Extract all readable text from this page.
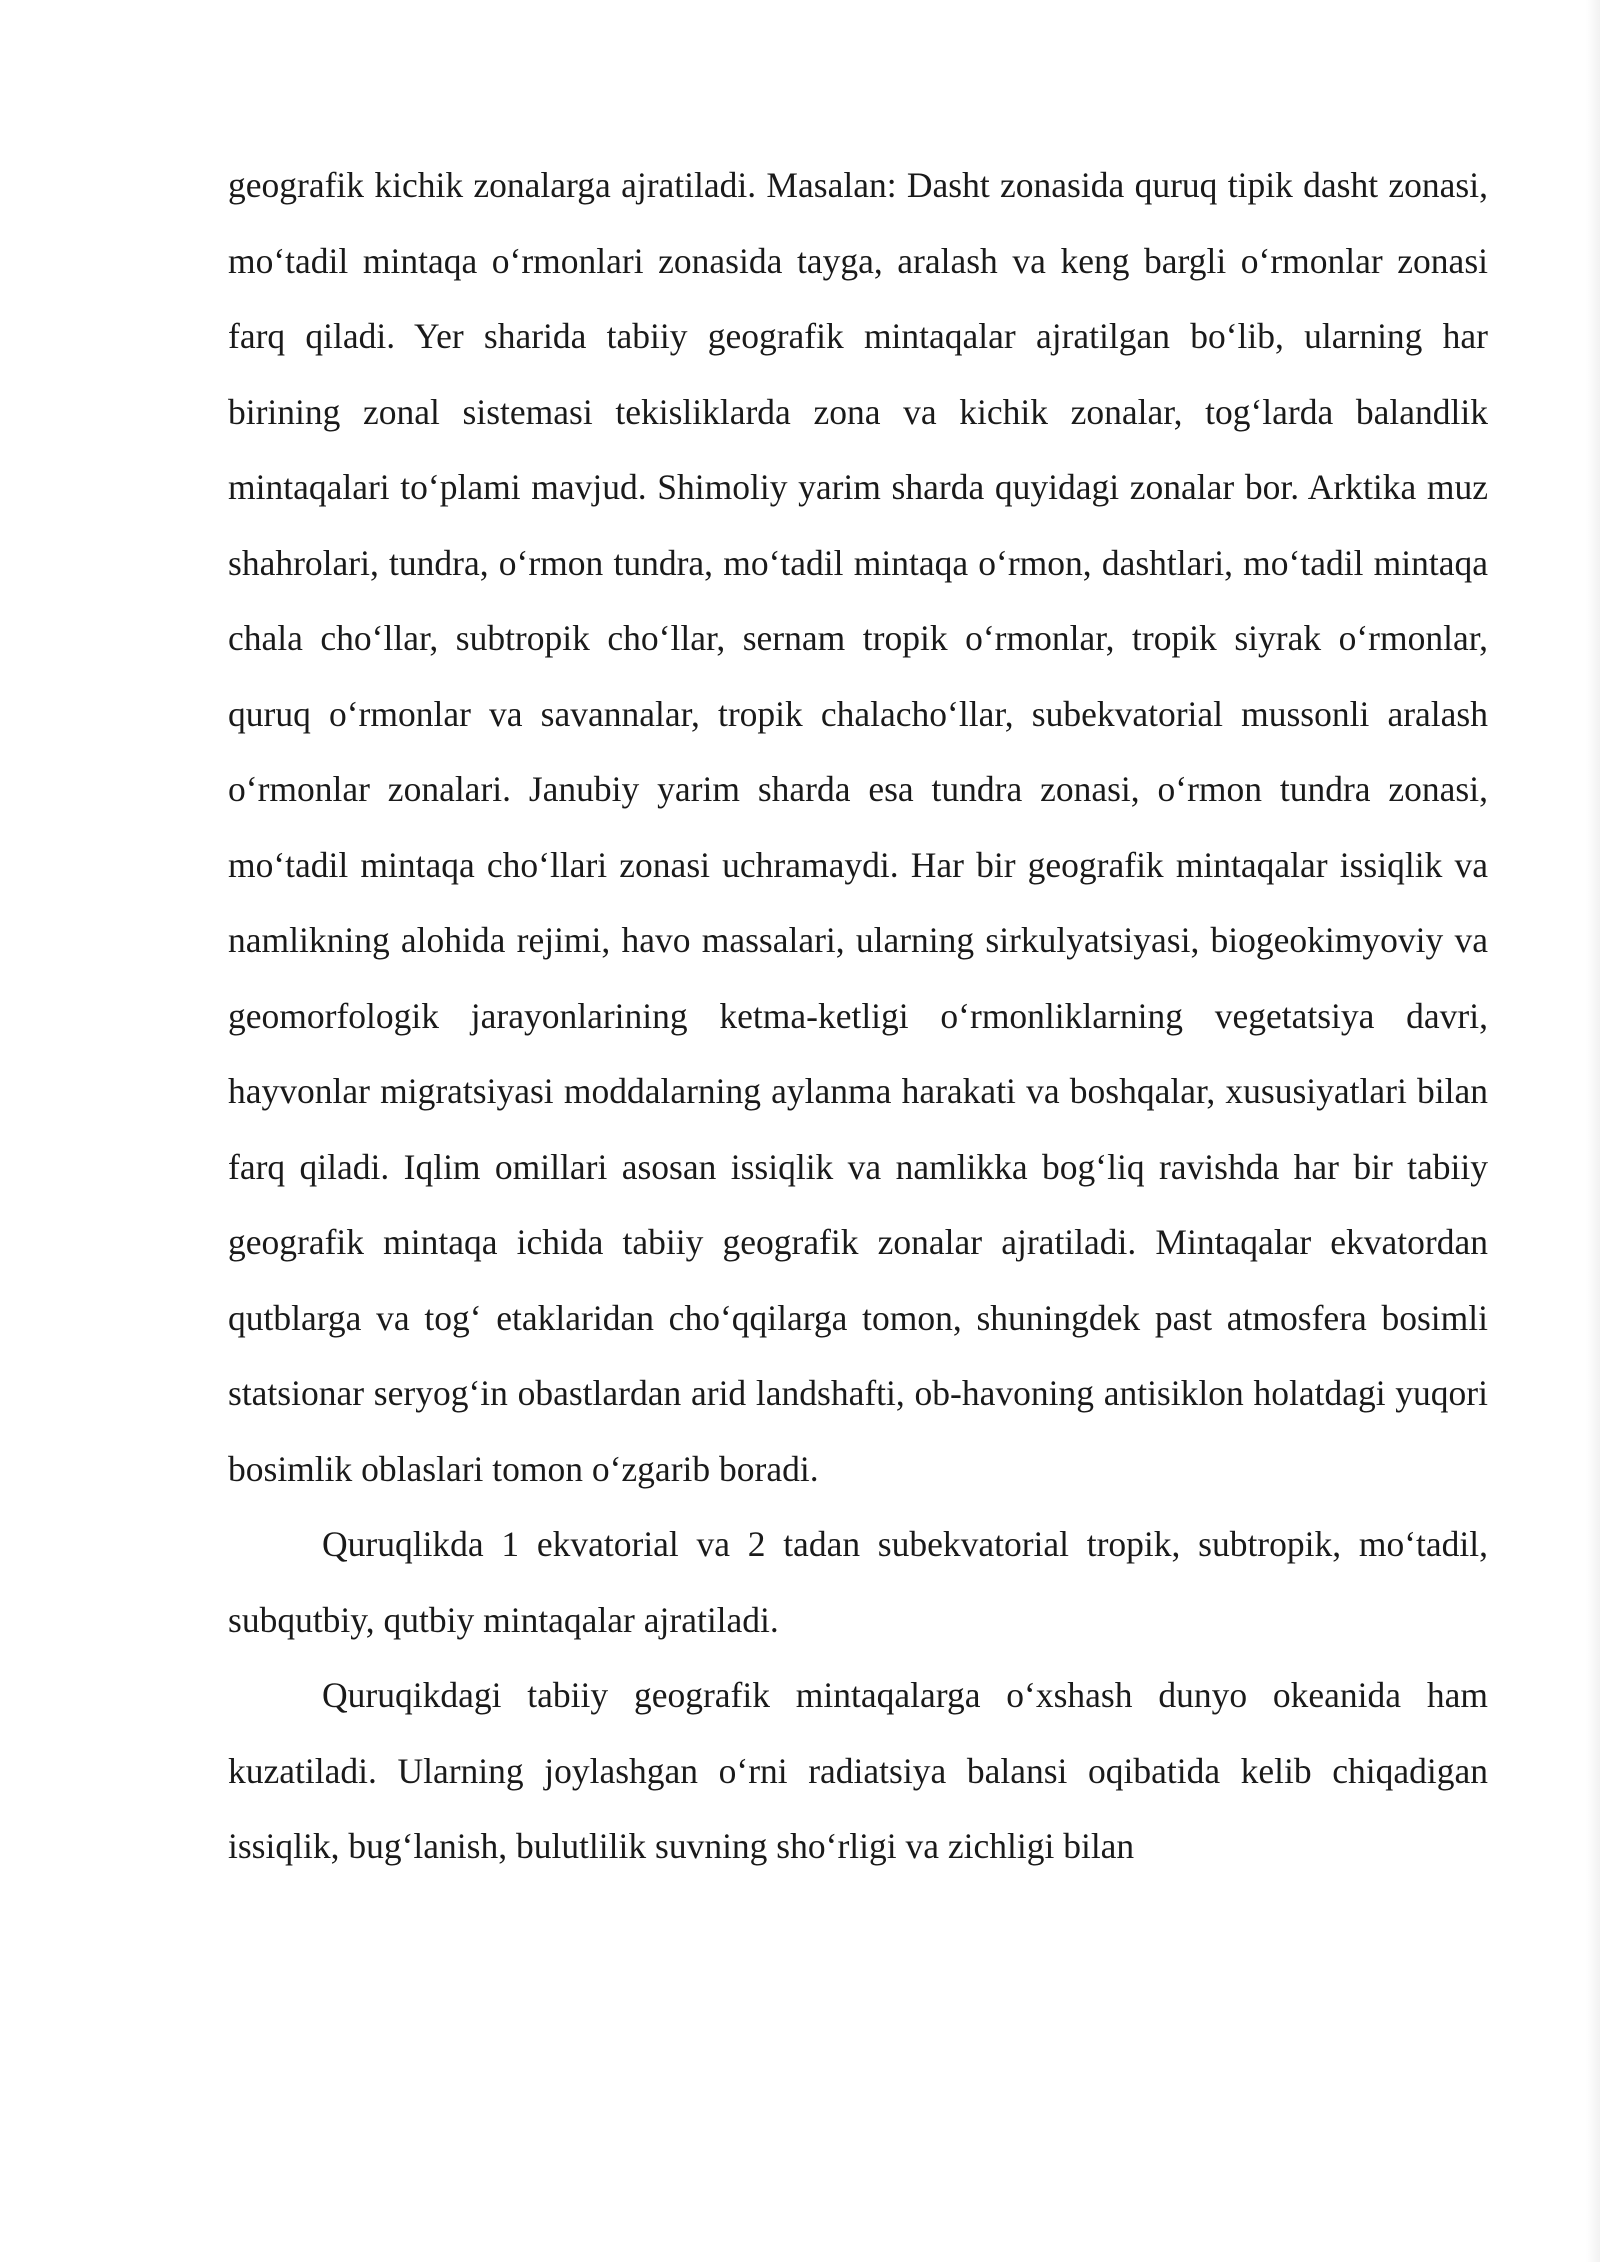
geografik kichik zonalarga ajratiladi. Masalan: Dasht zonasida quruq tipik dasht zonasi, mo‘tadil mintaqa o‘rmonlari zonasida tayga, aralash va keng bargli o‘rmonlar zonasi farq qiladi. Yer sharida tabiiy geografik mintaqalar ajratilgan bo‘lib, ularning har birining zonal sistemasi tekisliklarda zona va kichik zonalar, tog‘larda balandlik mintaqalari to‘plami mavjud. Shimoliy yarim sharda quyidagi zonalar bor. Arktika muz shahrolari, tundra, o‘rmon tundra, mo‘tadil mintaqa o‘rmon, dashtlari, mo‘tadil mintaqa chala cho‘llar, subtropik cho‘llar, sernam tropik o‘rmonlar, tropik siyrak o‘rmonlar, quruq o‘rmonlar va savannalar, tropik chalacho‘llar, subekvatorial mussonli aralash o‘rmonlar zonalari. Janubiy yarim sharda esa tundra zonasi, o‘rmon tundra zonasi, mo‘tadil mintaqa cho‘llari zonasi uchramaydi. Har bir geografik mintaqalar issiqlik va namlikning alohida rejimi, havo massalari, ularning sirkulyatsiyasi, biogeokimyoviy va geomorfologik jarayonlarining ketma-ketligi o‘rmonliklarning vegetatsiya davri, hayvonlar migratsiyasi moddalarning aylanma harakati va boshqalar, xususiyatlari bilan farq qiladi. Iqlim omillari asosan issiqlik va namlikka bog‘liq ravishda har bir tabiiy geografik mintaqa ichida tabiiy geografik zonalar ajratiladi. Mintaqalar ekvatordan qutblarga va tog‘ etaklaridan cho‘qqilarga tomon, shuningdek past atmosfera bosimli statsionar seryog‘in obastlardan arid landshafti, ob-havoning antisiklon holatdagi yuqori bosimlik oblaslari tomon o‘zgarib boradi.

Quruqlikda 1 ekvatorial va 2 tadan subekvatorial tropik, subtropik, mo‘tadil, subqutbiy, qutbiy mintaqalar ajratiladi.

Quruqikdagi tabiiy geografik mintaqalarga o‘xshash dunyo okeanida ham kuzatiladi. Ularning joylashgan o‘rni radiatsiya balansi oqibatida kelib chiqadigan issiqlik, bug‘lanish, bulutlilik suvning sho‘rligi va zichligi bilan
